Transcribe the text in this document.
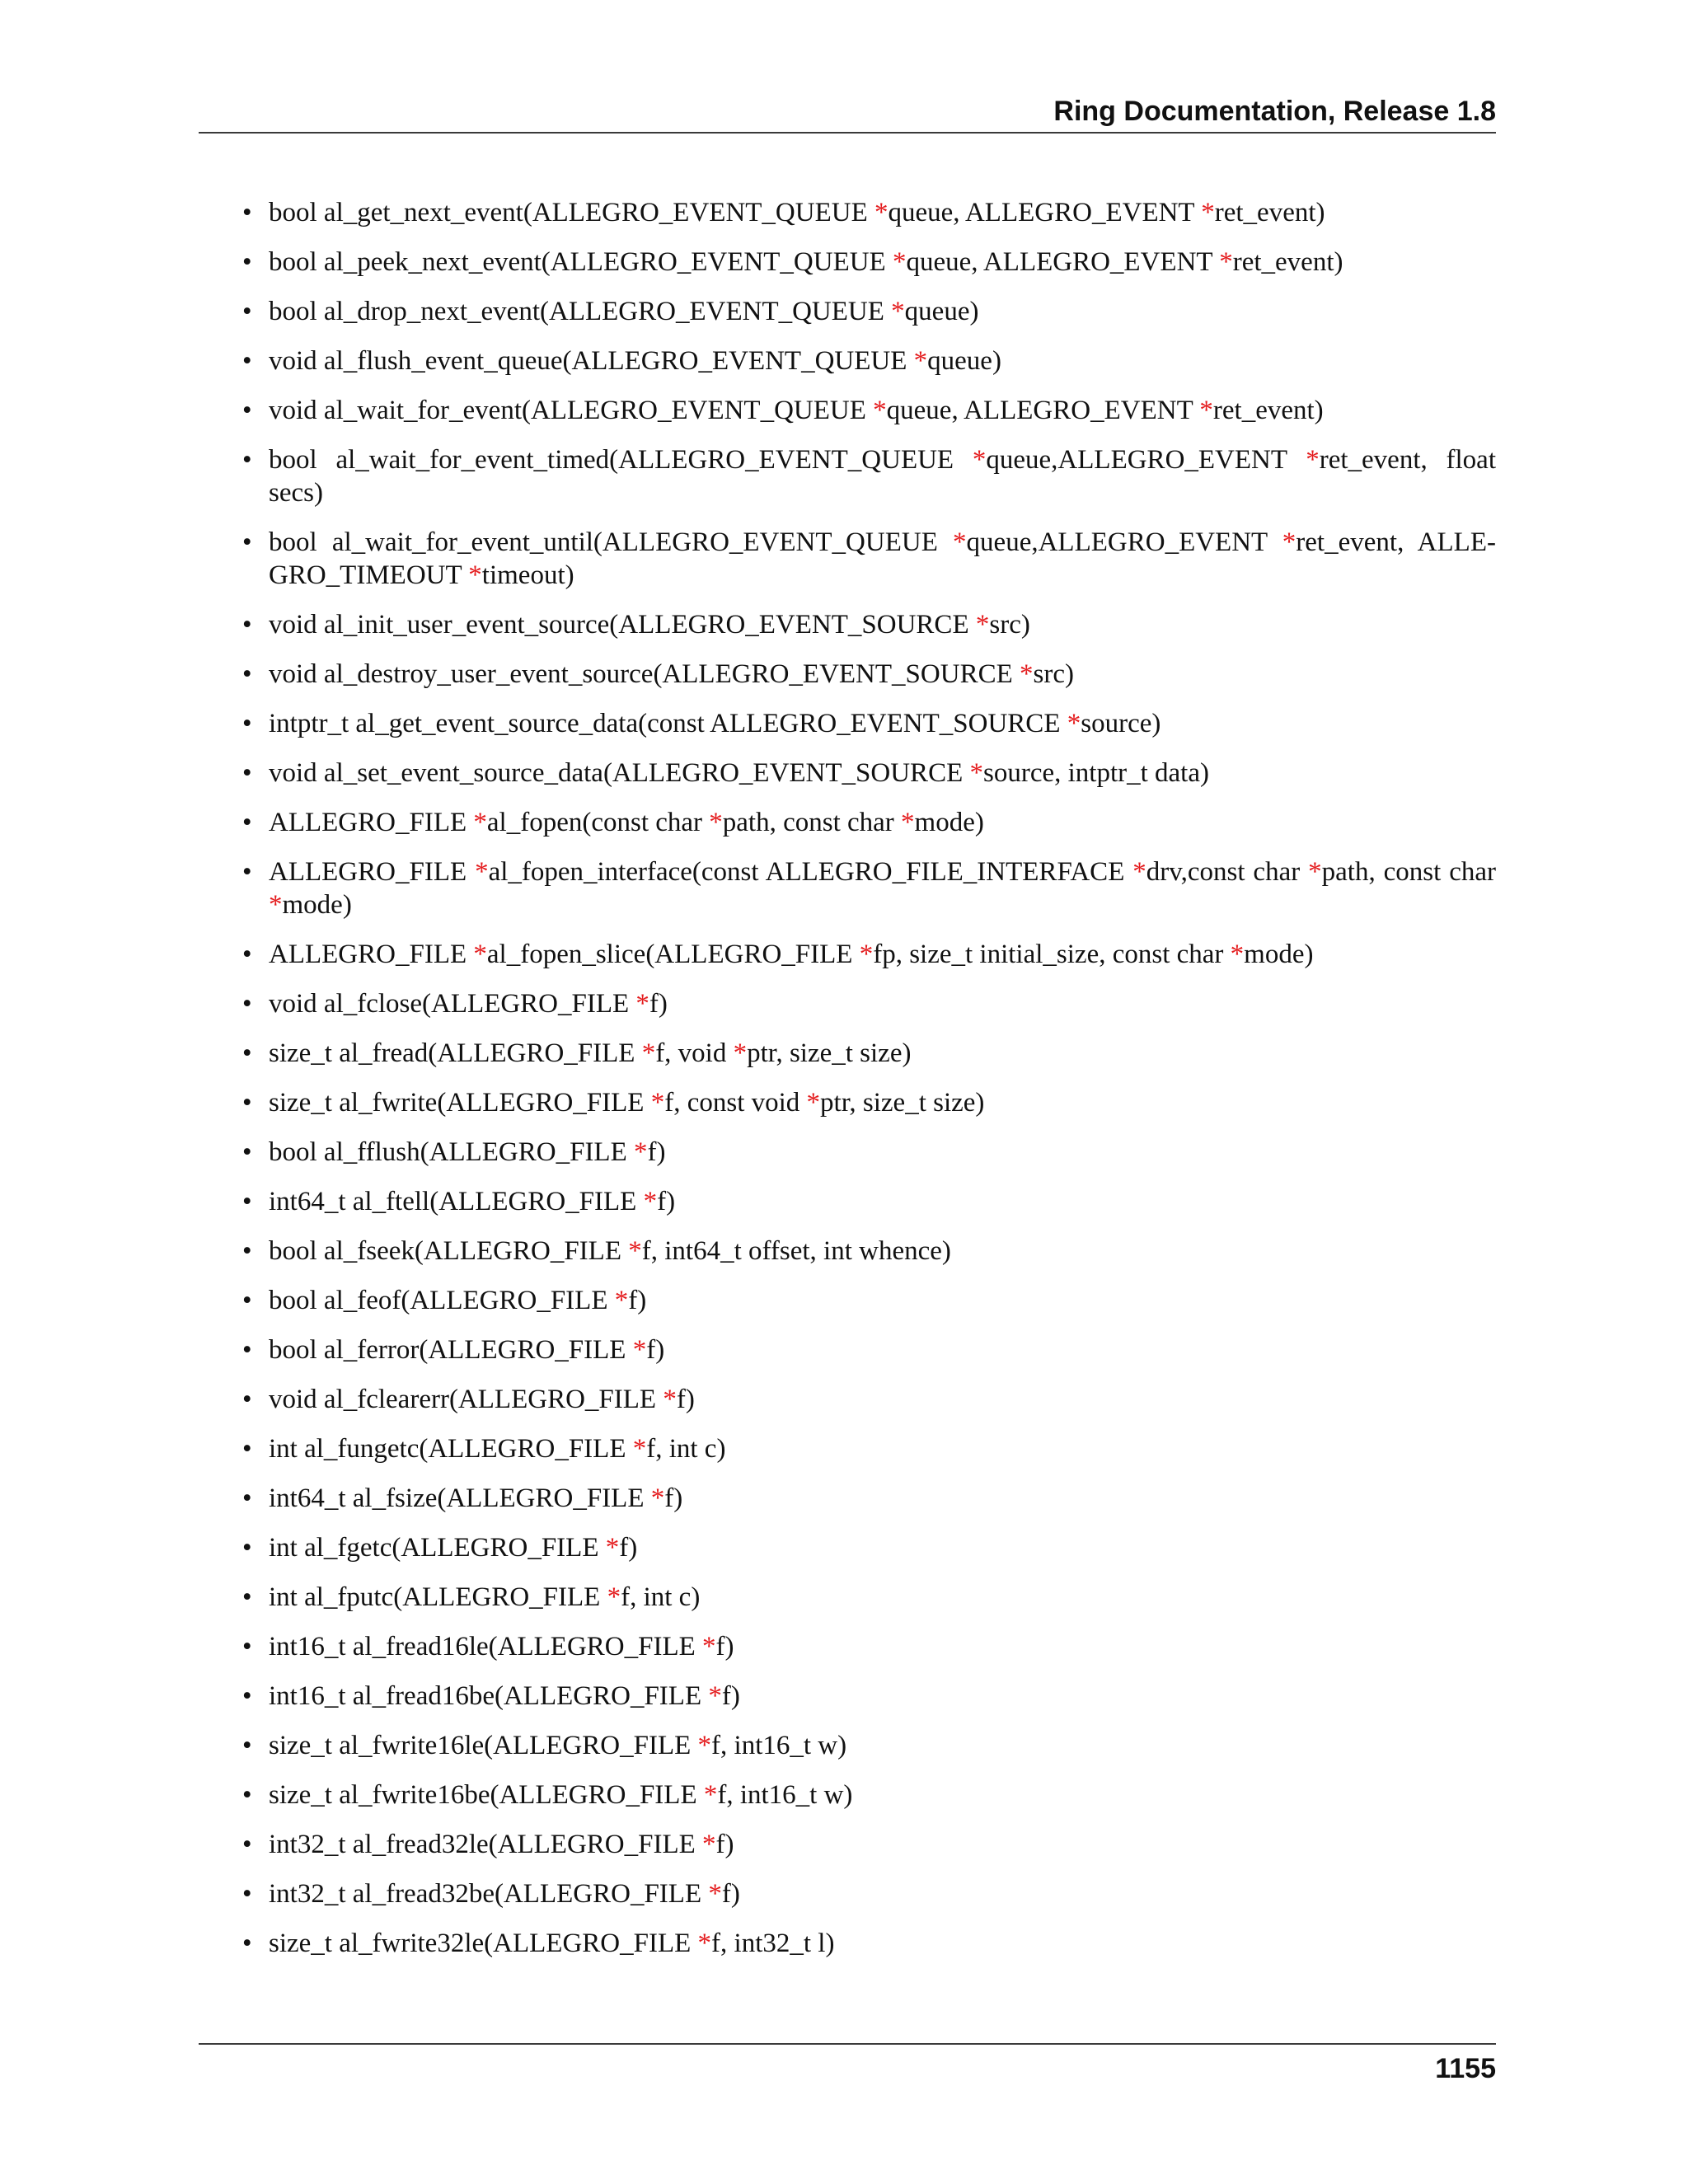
Ring Documentation, Release 1.8
• bool al_get_next_event(ALLEGRO_EVENT_QUEUE *queue, ALLEGRO_EVENT *ret_event)
• bool al_peek_next_event(ALLEGRO_EVENT_QUEUE *queue, ALLEGRO_EVENT *ret_event)
• bool al_drop_next_event(ALLEGRO_EVENT_QUEUE *queue)
• void al_flush_event_queue(ALLEGRO_EVENT_QUEUE *queue)
• void al_wait_for_event(ALLEGRO_EVENT_QUEUE *queue, ALLEGRO_EVENT *ret_event)
• bool al_wait_for_event_timed(ALLEGRO_EVENT_QUEUE *queue,ALLEGRO_EVENT *ret_event, float secs)
• bool al_wait_for_event_until(ALLEGRO_EVENT_QUEUE *queue,ALLEGRO_EVENT *ret_event, ALLEGRO_TIMEOUT *timeout)
• void al_init_user_event_source(ALLEGRO_EVENT_SOURCE *src)
• void al_destroy_user_event_source(ALLEGRO_EVENT_SOURCE *src)
• intptr_t al_get_event_source_data(const ALLEGRO_EVENT_SOURCE *source)
• void al_set_event_source_data(ALLEGRO_EVENT_SOURCE *source, intptr_t data)
• ALLEGRO_FILE *al_fopen(const char *path, const char *mode)
• ALLEGRO_FILE *al_fopen_interface(const ALLEGRO_FILE_INTERFACE *drv,const char *path, const char *mode)
• ALLEGRO_FILE *al_fopen_slice(ALLEGRO_FILE *fp, size_t initial_size, const char *mode)
• void al_fclose(ALLEGRO_FILE *f)
• size_t al_fread(ALLEGRO_FILE *f, void *ptr, size_t size)
• size_t al_fwrite(ALLEGRO_FILE *f, const void *ptr, size_t size)
• bool al_fflush(ALLEGRO_FILE *f)
• int64_t al_ftell(ALLEGRO_FILE *f)
• bool al_fseek(ALLEGRO_FILE *f, int64_t offset, int whence)
• bool al_feof(ALLEGRO_FILE *f)
• bool al_ferror(ALLEGRO_FILE *f)
• void al_fclearerr(ALLEGRO_FILE *f)
• int al_fungetc(ALLEGRO_FILE *f, int c)
• int64_t al_fsize(ALLEGRO_FILE *f)
• int al_fgetc(ALLEGRO_FILE *f)
• int al_fputc(ALLEGRO_FILE *f, int c)
• int16_t al_fread16le(ALLEGRO_FILE *f)
• int16_t al_fread16be(ALLEGRO_FILE *f)
• size_t al_fwrite16le(ALLEGRO_FILE *f, int16_t w)
• size_t al_fwrite16be(ALLEGRO_FILE *f, int16_t w)
• int32_t al_fread32le(ALLEGRO_FILE *f)
• int32_t al_fread32be(ALLEGRO_FILE *f)
• size_t al_fwrite32le(ALLEGRO_FILE *f, int32_t l)
1155
